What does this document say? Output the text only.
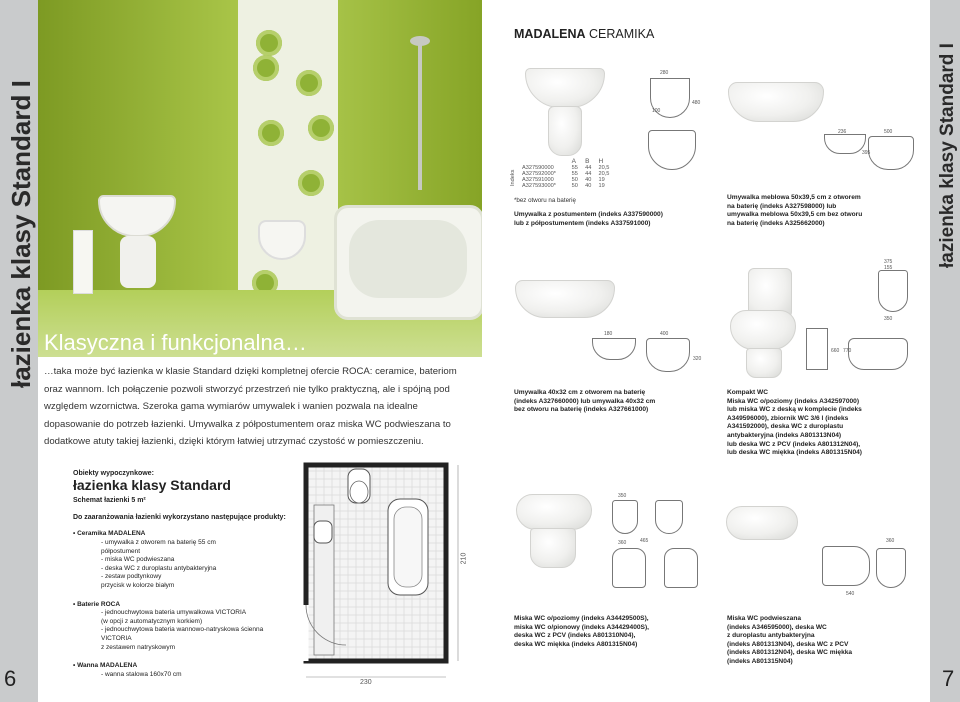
łazienka klasy Standard I	łazienka klasy Standard I
6	7
Klasyczna i funkcjonalna…
…taka może być łazienka w klasie Standard dzięki kompletnej ofercie ROCA: ceramice, bateriom oraz wannom. Ich połączenie pozwoli stworzyć przestrzeń nie tylko praktyczną, ale i spójną pod względem wzornictwa. Szeroka gama wymiarów umywalek i wanien pozwala na idealne dopasowanie do potrzeb łazienki. Umywalka z półpostumentem oraz miska WC podwieszana to dodatkowe atuty takiej łazienki, dzięki którym łatwiej utrzymać czystość w pomieszczeniu.
Obiekty wypoczynkowe:
łazienka klasy Standard
Schemat łazienki 5 m²
Do zaaranżowania łazienki wykorzystano następujące produkty:
• Ceramika MADALENA
- umywalka z otworem na baterię 55 cm
półpostument
- miska WC podwieszana
- deska WC z duroplastu antybakteryjna
- zestaw podtynkowy
przycisk w kolorze białym
• Baterie ROCA
- jednouchwytowa bateria umywalkowa VICTORIA
(w opcji z automatycznym korkiem)
- jednouchwytowa bateria wannowo-natryskowa ścienna VICTORIA
z zestawem natryskowym
• Wanna MADALENA
- wanna stalowa 160x70 cm
230
210
MADALENA CERAMIKA
280
100
480
Indeks
	A	B	H
A327590000	55	44	20,5
A327592000*	55	44	20,5
A327591000	50	40	19
A327593000*	50	40	19
*bez otworu na baterię
Umywalka z postumentem (indeks A337590000)
lub z półpostumentem (indeks A337591000)
236	500
395
Umywalka meblowa 50x39,5 cm z otworem
na baterię (indeks A327598000) lub
umywalka meblowa 50x39,5 cm bez otworu
na baterię (indeks A325662000)
180	400
320
Umywalka 40x32 cm z otworem na baterię
(indeks A327660000) lub umywalka 40x32 cm
bez otworu na baterię (indeks A327661000)
375
155
350
660 770
Kompakt WC
Miska WC o/poziomy (indeks A342597000)
lub miska WC z deską w komplecie (indeks
A349596000), zbiornik WC 3/6 l (indeks
A341592000), deska WC z duroplastu
antybakteryjna (indeks A801313N04)
lub deska WC z PCV (indeks A801312N04),
lub deska WC miękka (indeks A801315N04)
350
465
360
Miska WC o/poziomy (indeks A34429500S),
miska WC o/pionowy (indeks A34429400S),
deska WC z PCV (indeks A801310N04),
deska WC miękka (indeks A801315N04)
540
360
Miska WC podwieszana
(indeks A346595000), deska WC
z duroplastu antybakteryjna
(indeks A801313N04), deska WC z PCV
(indeks A801312N04), deska WC miękka
(indeks A801315N04)
